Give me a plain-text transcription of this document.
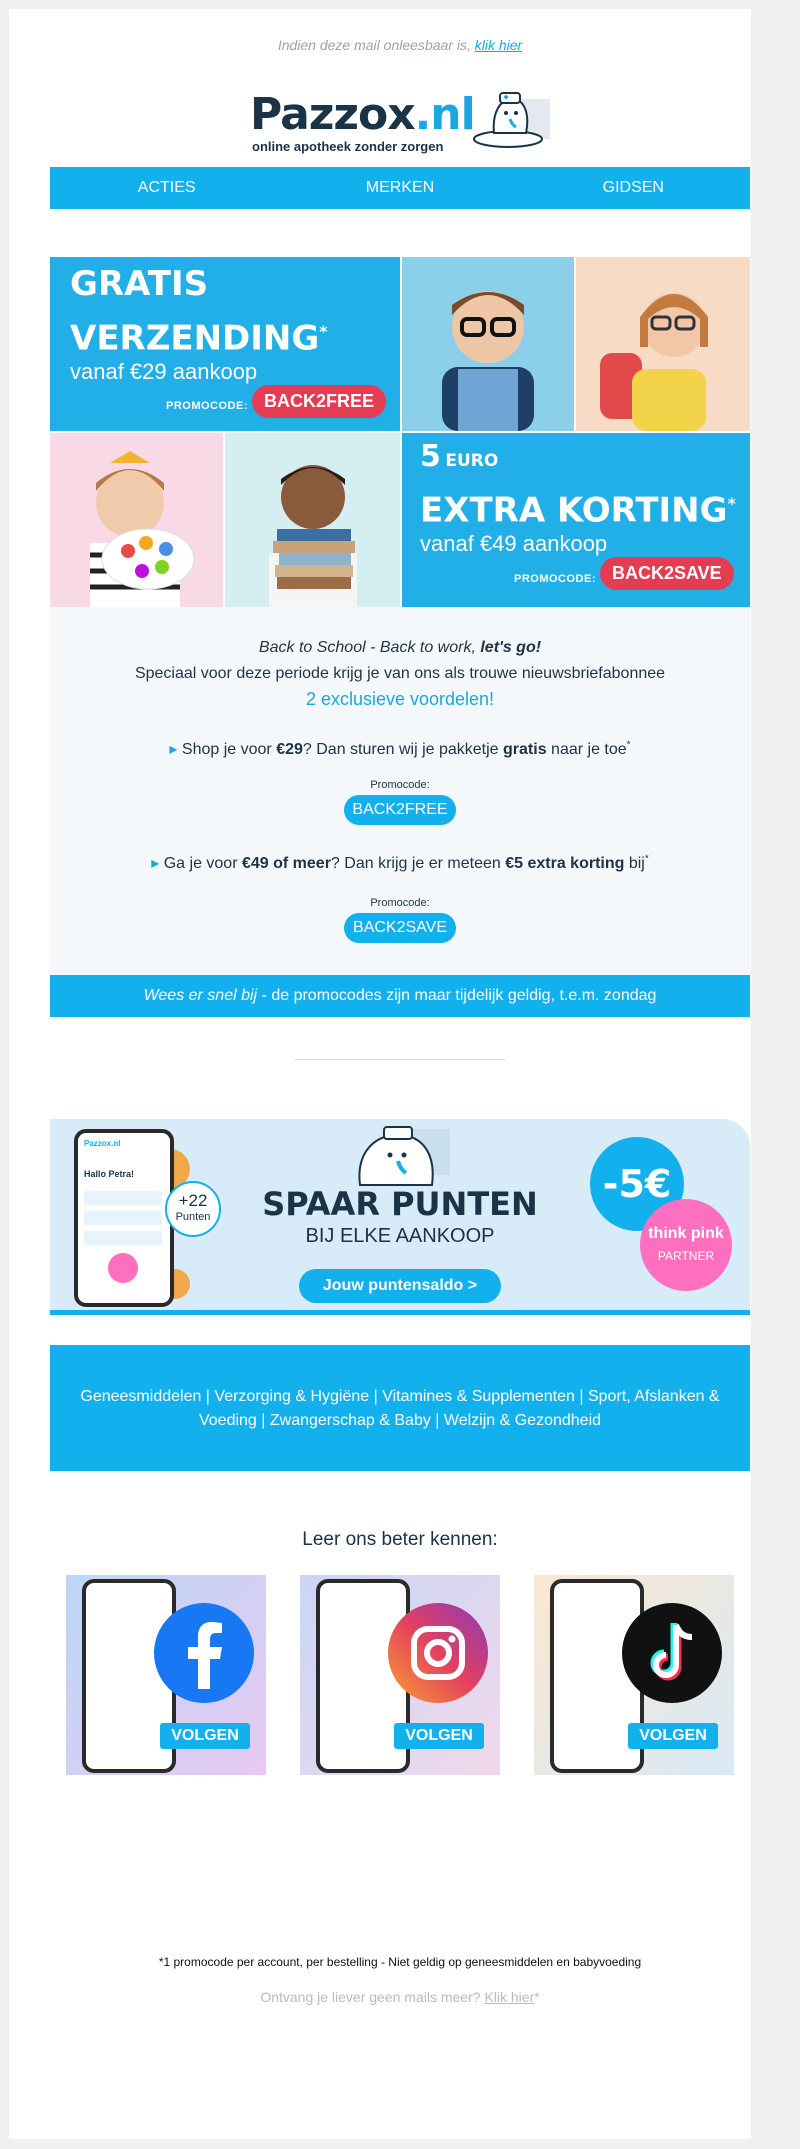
Indien deze mail onleesbaar is, klik hier
Pazzox.nl
online apotheek zonder zorgen
ACTIES	MERKEN	GIDSEN
GRATIS
VERZENDING*
vanaf €29 aankoop
PROMOCODE: BACK2FREE
5 EURO
EXTRA KORTING*
vanaf €49 aankoop
PROMOCODE: BACK2SAVE
Back to School - Back to work, let's go!
Speciaal voor deze periode krijg je van ons als trouwe nieuwsbriefabonnee
2 exclusieve voordelen!
▸ Shop je voor €29? Dan sturen wij je pakketje gratis naar je toe*
Promocode:
BACK2FREE
▸ Ga je voor €49 of meer? Dan krijg je er meteen €5 extra korting bij*
Promocode:
BACK2SAVE
Wees er snel bij - de promocodes zijn maar tijdelijk geldig, t.e.m. zondag
Pazzox.nl
Hallo Petra!
+22
Punten	SPAAR PUNTEN
BIJ ELKE AANKOOP
Jouw puntensaldo >
-5€
think pink
PARTNER
Geneesmiddelen | Verzorging & Hygiëne | Vitamines & Supplementen | Sport, Afslanken & Voeding | Zwangerschap & Baby | Welzijn & Gezondheid
Leer ons beter kennen:
VOLGEN	VOLGEN	VOLGEN
*1 promocode per account, per bestelling - Niet geldig op geneesmiddelen en babyvoeding
Ontvang je liever geen mails meer? Klik hier*
